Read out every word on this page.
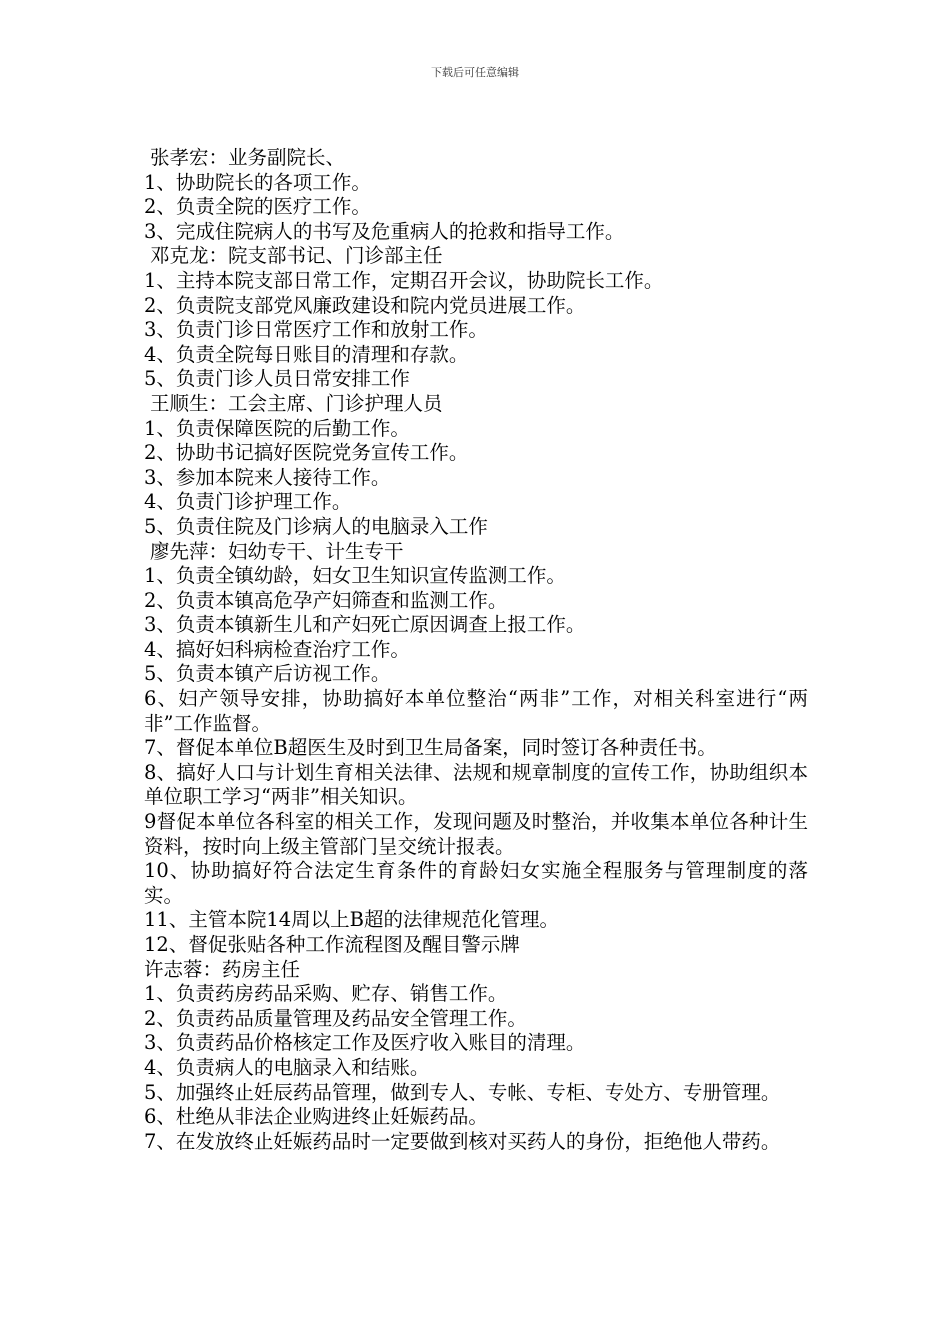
下载后可任意编辑
张孝宏：业务副院长、
1、协助院长的各项工作。
2、负责全院的医疗工作。
3、完成住院病人的书写及危重病人的抢救和指导工作。
邓克龙：院支部书记、门诊部主任
1、主持本院支部日常工作，定期召开会议，协助院长工作。
2、负责院支部党风廉政建设和院内党员进展工作。
3、负责门诊日常医疗工作和放射工作。
4、负责全院每日账目的清理和存款。
5、负责门诊人员日常安排工作
王顺生：工会主席、门诊护理人员
1、负责保障医院的后勤工作。
2、协助书记搞好医院党务宣传工作。
3、参加本院来人接待工作。
4、负责门诊护理工作。
5、负责住院及门诊病人的电脑录入工作
廖先萍：妇幼专干、计生专干
1、负责全镇幼龄，妇女卫生知识宣传监测工作。
2、负责本镇高危孕产妇筛查和监测工作。
3、负责本镇新生儿和产妇死亡原因调查上报工作。
4、搞好妇科病检查治疗工作。
5、负责本镇产后访视工作。
6、妇产领导安排，协助搞好本单位整治“两非”工作，对相关科室进行“两非”工作监督。
7、督促本单位B超医生及时到卫生局备案，同时签订各种责任书。
8、搞好人口与计划生育相关法律、法规和规章制度的宣传工作，协助组织本单位职工学习“两非”相关知识。
9督促本单位各科室的相关工作，发现问题及时整治，并收集本单位各种计生资料，按时向上级主管部门呈交统计报表。
10、协助搞好符合法定生育条件的育龄妇女实施全程服务与管理制度的落实。
11、主管本院14周以上B超的法律规范化管理。
12、督促张贴各种工作流程图及醒目警示牌
许志蓉：药房主任
1、负责药房药品采购、贮存、销售工作。
2、负责药品质量管理及药品安全管理工作。
3、负责药品价格核定工作及医疗收入账目的清理。
4、负责病人的电脑录入和结账。
5、加强终止妊辰药品管理，做到专人、专帐、专柜、专处方、专册管理。
6、杜绝从非法企业购进终止妊娠药品。
7、在发放终止妊娠药品时一定要做到核对买药人的身份，拒绝他人带药。
